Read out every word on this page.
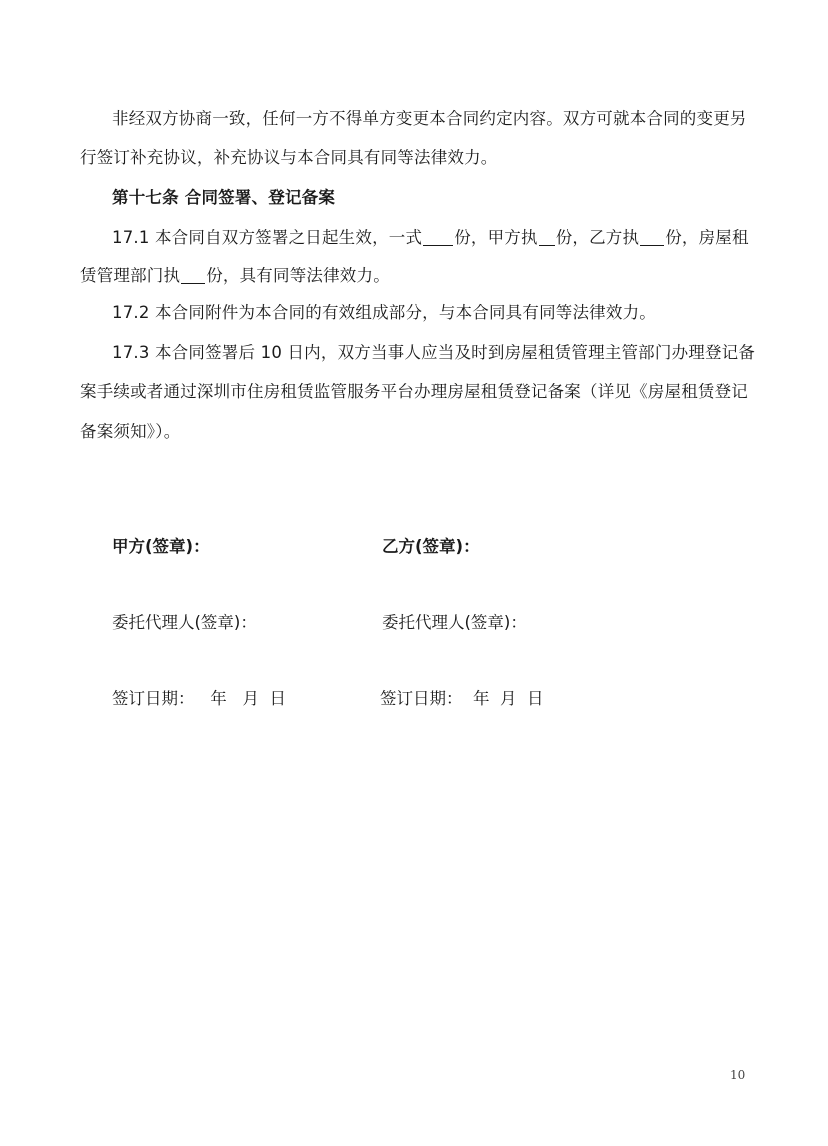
非经双方协商一致，任何一方不得单方变更本合同约定内容。双方可就本合同的变更另
行签订补充协议，补充协议与本合同具有同等法律效力。
第十七条 合同签署、登记备案
17.1 本合同自双方签署之日起生效，一式 份，甲方执 份，乙方执 份，房屋租
赁管理部门执 份，具有同等法律效力。
17.2 本合同附件为本合同的有效组成部分，与本合同具有同等法律效力。
17.3 本合同签署后 10 日内，双方当事人应当及时到房屋租赁管理主管部门办理登记备
案手续或者通过深圳市住房租赁监管服务平台办理房屋租赁登记备案（详见《房屋租赁登记
备案须知》）。
甲方(签章)：	乙方(签章)：
委托代理人(签章)：	委托代理人(签章)：
签订日期：   年   月  日	签订日期：  年  月  日
10
